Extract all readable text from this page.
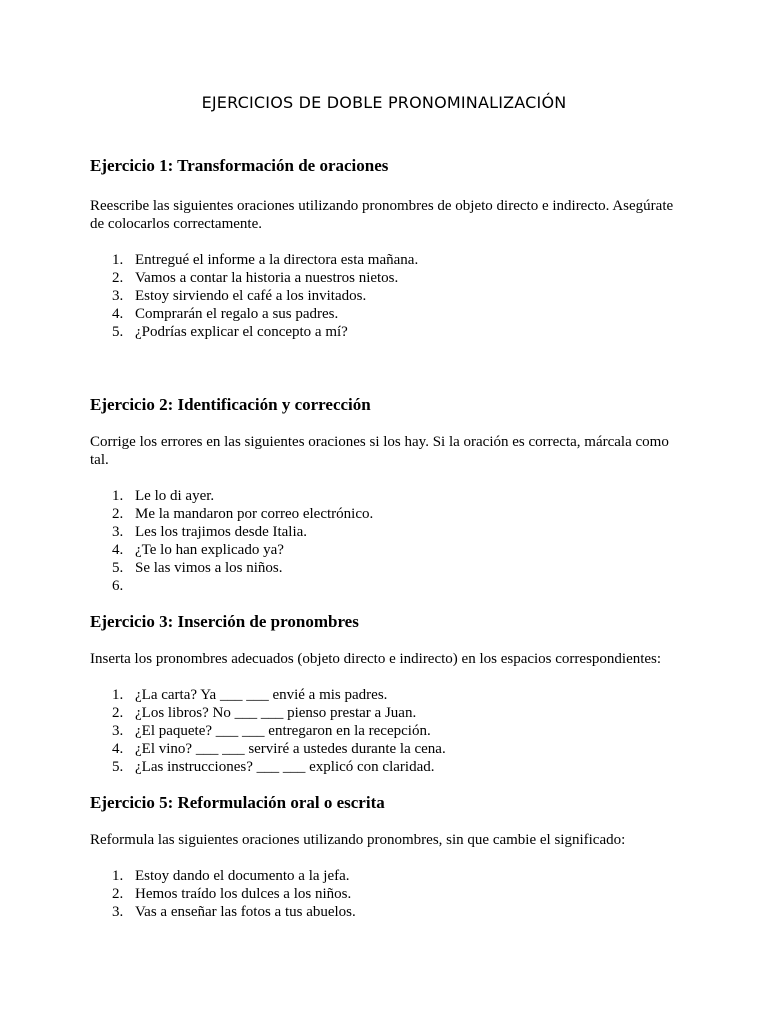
EJERCICIOS DE DOBLE PRONOMINALIZACIÓN
Ejercicio 1: Transformación de oraciones

Reescribe las siguientes oraciones utilizando pronombres de objeto directo e indirecto. Asegúrate de colocarlos correctamente.

1. Entregué el informe a la directora esta mañana.
2. Vamos a contar la historia a nuestros nietos.
3. Estoy sirviendo el café a los invitados.
4. Comprarán el regalo a sus padres.
5. ¿Podrías explicar el concepto a mí?
Ejercicio 2: Identificación y corrección

Corrige los errores en las siguientes oraciones si los hay. Si la oración es correcta, márcala como tal.

1. Le lo di ayer.
2. Me la mandaron por correo electrónico.
3. Les los trajimos desde Italia.
4. ¿Te lo han explicado ya?
5. Se las vimos a los niños.
6.
Ejercicio 3: Inserción de pronombres

Inserta los pronombres adecuados (objeto directo e indirecto) en los espacios correspondientes:

1. ¿La carta? Ya ___ ___ envié a mis padres.
2. ¿Los libros? No ___ ___ pienso prestar a Juan.
3. ¿El paquete? ___ ___ entregaron en la recepción.
4. ¿El vino? ___ ___ serviré a ustedes durante la cena.
5. ¿Las instrucciones? ___ ___ explicó con claridad.
Ejercicio 5: Reformulación oral o escrita

Reformula las siguientes oraciones utilizando pronombres, sin que cambie el significado:

1. Estoy dando el documento a la jefa.
2. Hemos traído los dulces a los niños.
3. Vas a enseñar las fotos a tus abuelos.
